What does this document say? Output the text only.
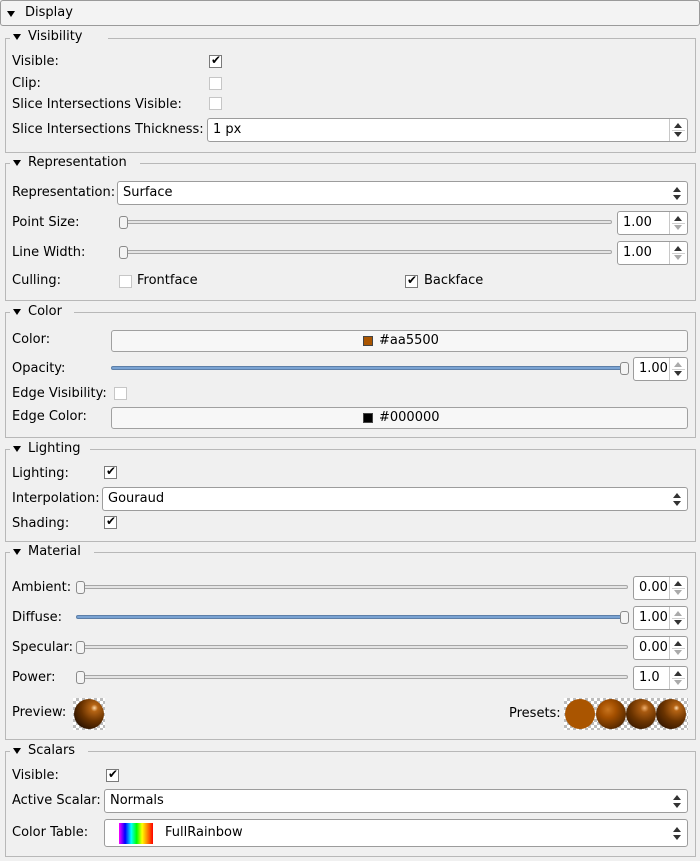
Display
Visibility
Visible:	✔
Clip:
Slice Intersections Visible:
Slice Intersections Thickness: 1 px
Representation
Representation: Surface
Point Size:	1.00
Line Width:	1.00
Culling:	Frontface	✔ Backface
Color
Color:	#aa5500
Opacity:	1.00
Edge Visibility:
Edge Color:	#000000
Lighting
Lighting:	✔
Interpolation: Gouraud
Shading:	✔
Material
Ambient:	0.00
Diffuse:	1.00
Specular:	0.00
Power:	1.0
Preview:	Presets:
Scalars
Visible:	✔
Active Scalar: Normals
Color Table:	FullRainbow
